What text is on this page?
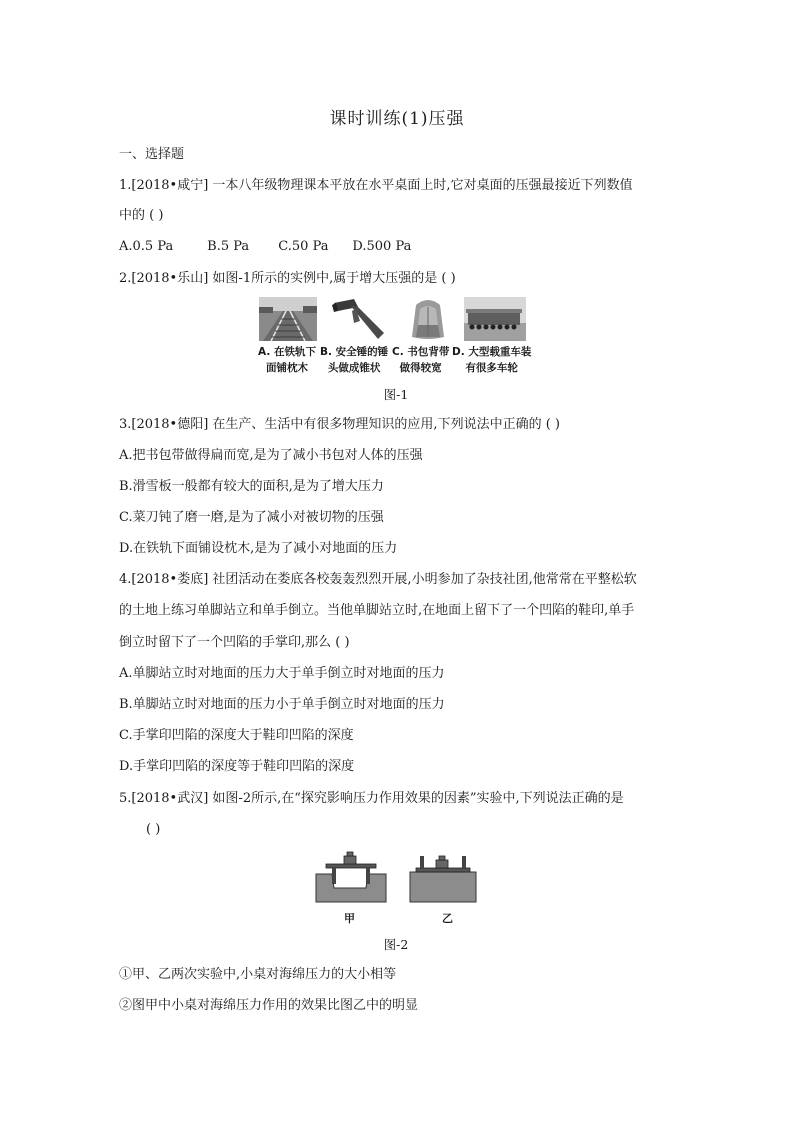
课时训练(1)压强
一、选择题
1.[2018•咸宁] 一本八年级物理课本平放在水平桌面上时,它对桌面的压强最接近下列数值
中的 ( )
A.0.5 Pa	B.5 Pa C.50 Pa D.500 Pa
2.[2018•乐山] 如图-1所示的实例中,属于增大压强的是 ( )
A. 在铁轨下
面铺枕木
B. 安全锤的锤
头做成锥状
C. 书包背带
做得较宽
D. 大型载重车装
有很多车轮
图-1
3.[2018•德阳] 在生产、生活中有很多物理知识的应用,下列说法中正确的 ( )
A.把书包带做得扁而宽,是为了减小书包对人体的压强
B.滑雪板一般都有较大的面积,是为了增大压力
C.菜刀钝了磨一磨,是为了减小对被切物的压强
D.在铁轨下面铺设枕木,是为了减小对地面的压力
4.[2018•娄底] 社团活动在娄底各校轰轰烈烈开展,小明参加了杂技社团,他常常在平整松软
的土地上练习单脚站立和单手倒立。当他单脚站立时,在地面上留下了一个凹陷的鞋印,单手
倒立时留下了一个凹陷的手掌印,那么 ( )
A.单脚站立时对地面的压力大于单手倒立时对地面的压力
B.单脚站立时对地面的压力小于单手倒立时对地面的压力
C.手掌印凹陷的深度大于鞋印凹陷的深度
D.手掌印凹陷的深度等于鞋印凹陷的深度
5.[2018•武汉] 如图-2所示,在“探究影响压力作用效果的因素”实验中,下列说法正确的是
( )
甲	乙
图-2
①甲、乙两次实验中,小桌对海绵压力的大小相等
②图甲中小桌对海绵压力作用的效果比图乙中的明显
